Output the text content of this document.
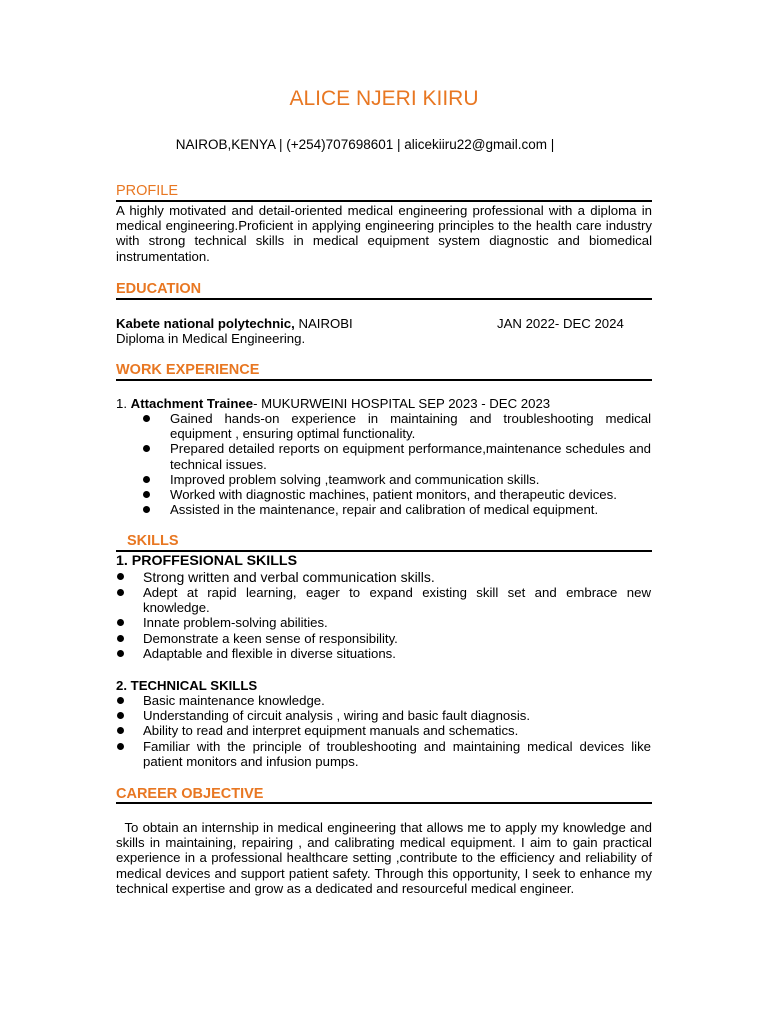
ALICE NJERI KIIRU
NAIROB,KENYA | (+254)707698601 | alicekiiru22@gmail.com |
PROFILE
A highly motivated and detail-oriented medical engineering professional with a diploma in medical engineering.Proficient in applying engineering principles to the health care industry with strong technical skills in medical equipment system diagnostic and biomedical instrumentation.
EDUCATION
Kabete national polytechnic, NAIROBI	JAN 2022- DEC 2024
Diploma in Medical Engineering.
WORK EXPERIENCE
1. Attachment Trainee- MUKURWEINI HOSPITAL SEP 2023 - DEC 2023
Gained hands-on experience in maintaining and troubleshooting medical equipment , ensuring optimal functionality.
Prepared detailed reports on equipment performance,maintenance schedules and technical issues.
Improved problem solving ,teamwork and communication skills.
Worked with diagnostic machines, patient monitors, and therapeutic devices.
Assisted in the maintenance, repair and calibration of medical equipment.
SKILLS
1. PROFFESIONAL SKILLS
Strong written and verbal communication skills.
Adept at rapid learning, eager to expand existing skill set and embrace new knowledge.
Innate problem-solving abilities.
Demonstrate a keen sense of responsibility.
Adaptable and flexible in diverse situations.
2. TECHNICAL SKILLS
Basic maintenance knowledge.
Understanding of circuit analysis , wiring and basic fault diagnosis.
Ability to read and interpret equipment manuals and schematics.
Familiar with the principle of troubleshooting and maintaining medical devices like patient monitors and infusion pumps.
CAREER OBJECTIVE
To obtain an internship in medical engineering that allows me to apply my knowledge and skills in maintaining, repairing , and calibrating medical equipment. I aim to gain practical experience in a professional healthcare setting ,contribute to the efficiency and reliability of medical devices and support patient safety. Through this opportunity, I seek to enhance my technical expertise and grow as a dedicated and resourceful medical engineer.
